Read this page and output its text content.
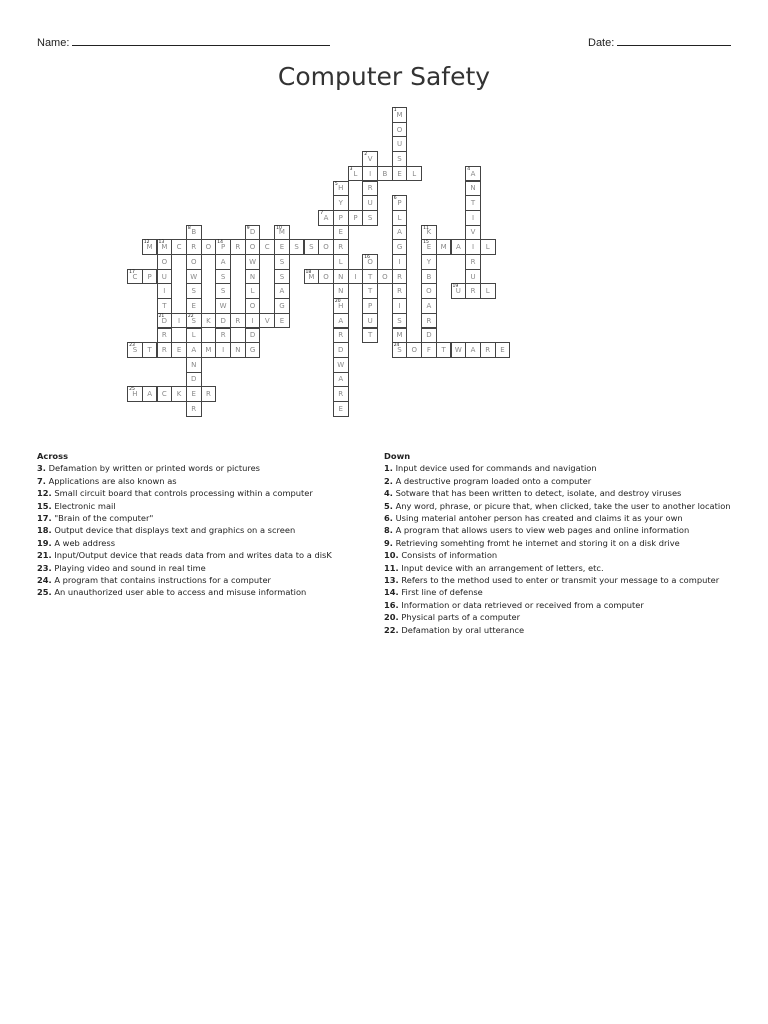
Name:	Date:
Computer Safety
M
1
O
U
S
E
V
2
I
R
U
S
L
3
B	L	A
4
N
T
I
V
I
R
U
R
H
5
Y
P
E
R
L
N
N
H
20
P
6
L
A
G
I
R
R
I
S
M
A
7
P
B
8
R
O
W
S
E
S
22
D
9
O
W
N
L
O
I
D
M
10
E
S
S
A
G
E
K
11
E
15
Y
B
O
A
R
D
M
12
M
13
C	O P
14
R	C	S S O
O
U
I
T
D
21
R
A
S
S
W
D
R
I
M A	L
O
16
T
T
P
U
T
C
17
P	M
18
O	I	O
U
19
L
A
R
D
W
A
R
E
I	K	R	V
L
A
N
D
E
R
S
23
T R E	M	N G	S
24
O F T W A R E
H
25
A C K	R
Across
3. Defamation by written or printed words or pictures
7. Applications are also known as
12. Small circuit board that controls processing within a computer
15. Electronic mail
17. "Brain of the computer"
18. Output device that displays text and graphics on a screen
19. A web address
21. Input/Output device that reads data from and writes data to a disK
23. Playing video and sound in real time
24. A program that contains instructions for a computer
25. An unauthorized user able to access and misuse information
Down
1. Input device used for commands and navigation
2. A destructive program loaded onto a computer
4. Sotware that has been written to detect, isolate, and destroy viruses
5. Any word, phrase, or picure that, when clicked, take the user to another location
6. Using material antoher person has created and claims it as your own
8. A program that allows users to view web pages and online information
9. Retrieving somehting fromt he internet and storing it on a disk drive
10. Consists of information
11. Input device with an arrangement of letters, etc.
13. Refers to the method used to enter or transmit your message to a computer
14. First line of defense
16. Information or data retrieved or received from a computer
20. Physical parts of a computer
22. Defamation by oral utterance
